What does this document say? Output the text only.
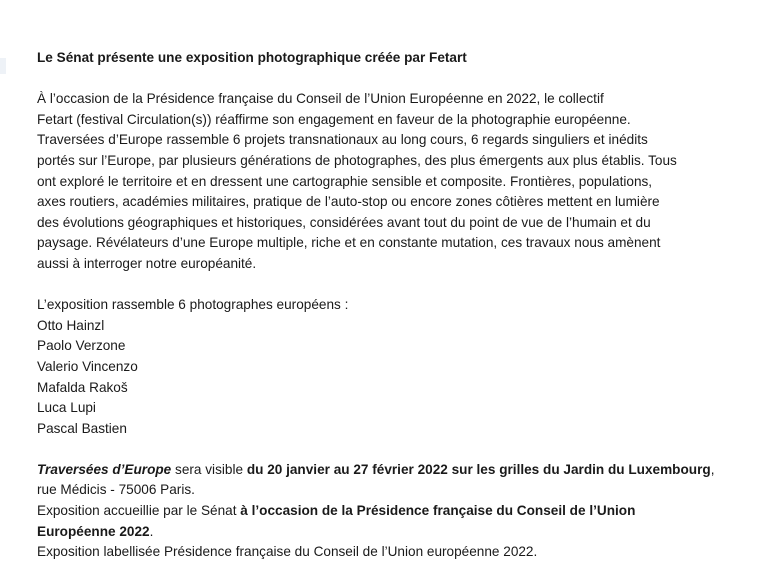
Le Sénat présente une exposition photographique créée par Fetart

À l’occasion de la Présidence française du Conseil de l’Union Européenne en 2022, le collectif
Fetart (festival Circulation(s)) réaffirme son engagement en faveur de la photographie européenne.
Traversées d’Europe rassemble 6 projets transnationaux au long cours, 6 regards singuliers et inédits
portés sur l’Europe, par plusieurs générations de photographes, des plus émergents aux plus établis. Tous
ont exploré le territoire et en dressent une cartographie sensible et composite. Frontières, populations,
axes routiers, académies militaires, pratique de l’auto-stop ou encore zones côtières mettent en lumière
des évolutions géographiques et historiques, considérées avant tout du point de vue de l’humain et du
paysage. Révélateurs d’une Europe multiple, riche et en constante mutation, ces travaux nous amènent
aussi à interroger notre européanité.

L’exposition rassemble 6 photographes européens :

Otto Hainzl
Paolo Verzone
Valerio Vincenzo
Mafalda Rakoš
Luca Lupi
Pascal Bastien

Traversées d’Europe sera visible du 20 janvier au 27 février 2022 sur les grilles du Jardin du Luxembourg,
rue Médicis - 75006 Paris.

Exposition accueillie par le Sénat à l’occasion de la Présidence française du Conseil de l’Union
Européenne 2022.

Exposition labellisée Présidence française du Conseil de l’Union européenne 2022.
